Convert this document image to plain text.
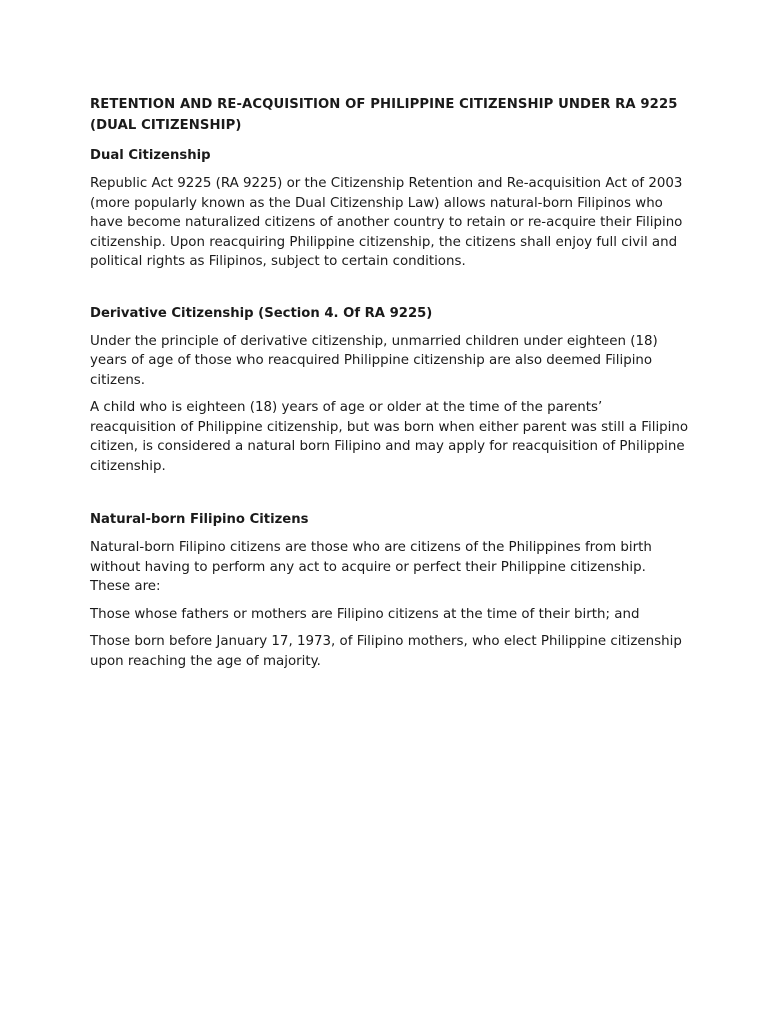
RETENTION AND RE-ACQUISITION OF PHILIPPINE CITIZENSHIP UNDER RA 9225 (DUAL CITIZENSHIP)
Dual Citizenship

Republic Act 9225 (RA 9225) or the Citizenship Retention and Re-acquisition Act of 2003 (more popularly known as the Dual Citizenship Law) allows natural-born Filipinos who have become naturalized citizens of another country to retain or re-acquire their Filipino citizenship. Upon reacquiring Philippine citizenship, the citizens shall enjoy full civil and political rights as Filipinos, subject to certain conditions.

Derivative Citizenship (Section 4. Of RA 9225)

Under the principle of derivative citizenship, unmarried children under eighteen (18) years of age of those who reacquired Philippine citizenship are also deemed Filipino citizens.

A child who is eighteen (18) years of age or older at the time of the parents’ reacquisition of Philippine citizenship, but was born when either parent was still a Filipino citizen, is considered a natural born Filipino and may apply for reacquisition of Philippine citizenship.

Natural-born Filipino Citizens

Natural-born Filipino citizens are those who are citizens of the Philippines from birth without having to perform any act to acquire or perfect their Philippine citizenship. These are:

Those whose fathers or mothers are Filipino citizens at the time of their birth; and

Those born before January 17, 1973, of Filipino mothers, who elect Philippine citizenship upon reaching the age of majority.
